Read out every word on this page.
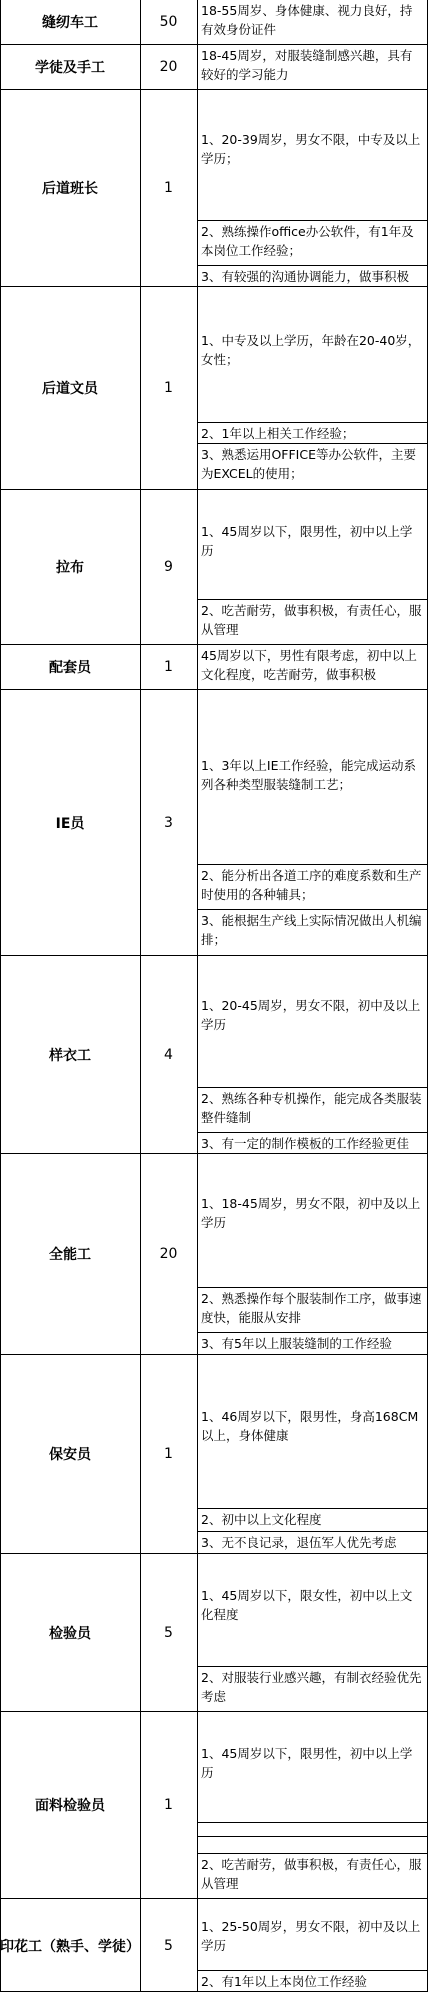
缝纫车工	50
18-55周岁、身体健康、视力良好，持有效身份证件
学徒及手工	20
18-45周岁，对服装缝制感兴趣，具有较好的学习能力
后道班长	1
1、20-39周岁，男女不限，中专及以上学历；
2、熟练操作office办公软件，有1年及本岗位工作经验；
3、有较强的沟通协调能力，做事积极
后道文员	1
1、中专及以上学历，年龄在20-40岁，女性；
2、1年以上相关工作经验；
3、熟悉运用OFFICE等办公软件，主要为EXCEL的使用；
拉布	9
1、45周岁以下，限男性，初中以上学历
2、吃苦耐劳，做事积极，有责任心，服从管理
配套员	1
45周岁以下，男性有限考虑，初中以上文化程度，吃苦耐劳，做事积极
IE员	3
1、3年以上IE工作经验，能完成运动系列各种类型服装缝制工艺；
2、能分析出各道工序的难度系数和生产时使用的各种辅具；
3、能根据生产线上实际情况做出人机编排；
样衣工	4
1、20-45周岁，男女不限，初中及以上学历
2、熟练各种专机操作，能完成各类服装整件缝制
3、有一定的制作模板的工作经验更佳
全能工	20
1、18-45周岁，男女不限，初中及以上学历
2、熟悉操作每个服装制作工序，做事速度快，能服从安排
3、有5年以上服装缝制的工作经验
保安员	1
1、46周岁以下，限男性，身高168CM以上，身体健康
2、初中以上文化程度
3、无不良记录，退伍军人优先考虑
检验员	5
1、45周岁以下，限女性，初中以上文化程度
2、对服装行业感兴趣，有制衣经验优先考虑
面料检验员	1
1、45周岁以下，限男性，初中以上学历
2、吃苦耐劳，做事积极，有责任心，服从管理
印花工（熟手、学徒）	5
1、25-50周岁，男女不限，初中及以上学历
2、有1年以上本岗位工作经验
